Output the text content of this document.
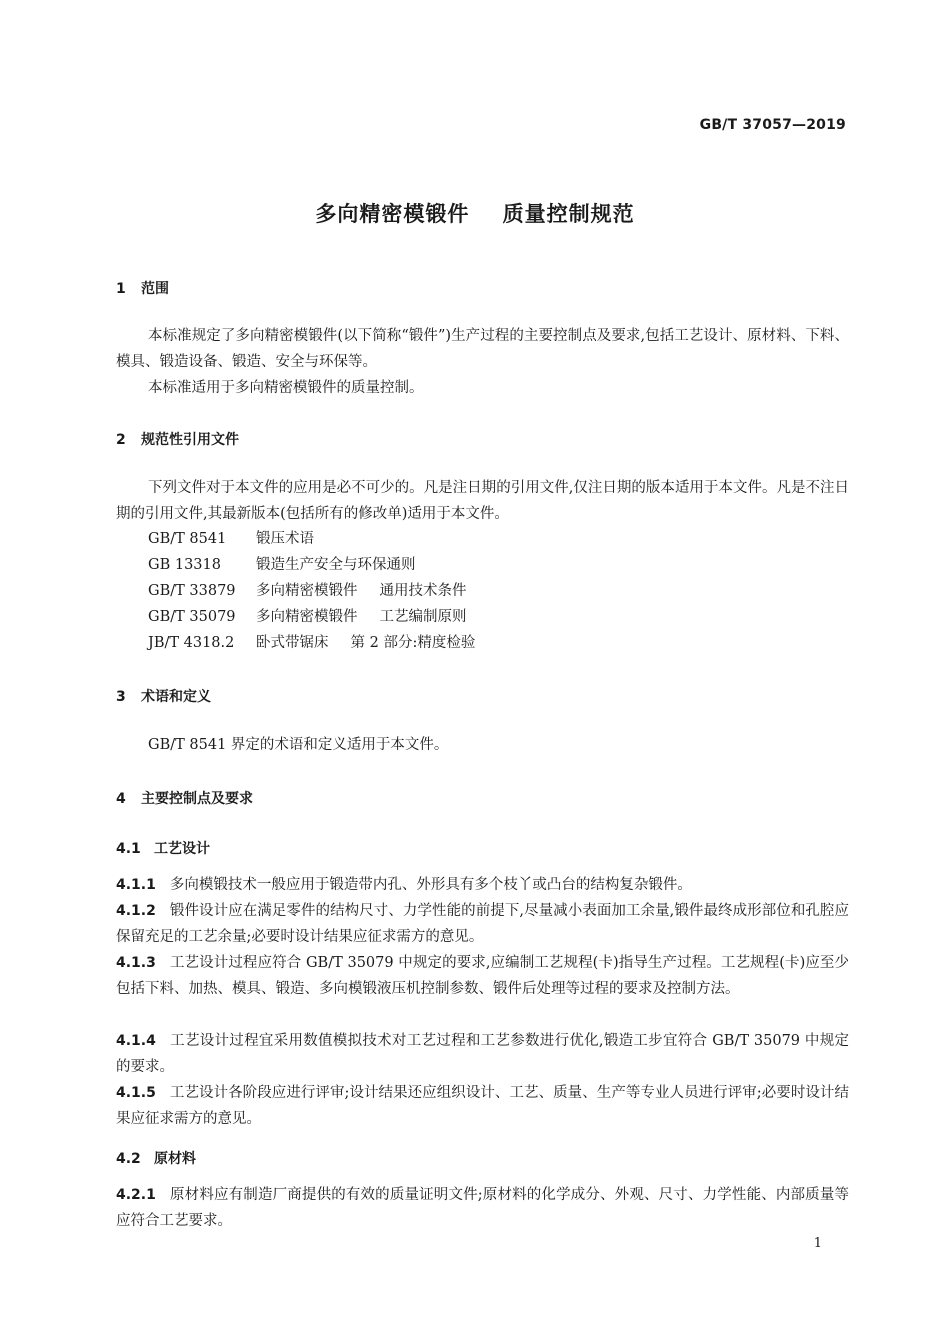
GB/T 37057—2019
多向精密模锻件 质量控制规范
1 范围

本标准规定了多向精密模锻件(以下简称“锻件”)生产过程的主要控制点及要求,包括工艺设计、原材料、下料、模具、锻造设备、锻造、安全与环保等。

本标准适用于多向精密模锻件的质量控制。

2 规范性引用文件

下列文件对于本文件的应用是必不可少的。凡是注日期的引用文件,仅注日期的版本适用于本文件。凡是不注日期的引用文件,其最新版本(包括所有的修改单)适用于本文件。

GB/T 8541 锻压术语
GB 13318 锻造生产安全与环保通则
GB/T 33879 多向精密模锻件 通用技术条件
GB/T 35079 多向精密模锻件 工艺编制原则
JB/T 4318.2 卧式带锯床 第 2 部分:精度检验
3 术语和定义

GB/T 8541 界定的术语和定义适用于本文件。

4 主要控制点及要求
4.1 工艺设计

4.1.1 多向模锻技术一般应用于锻造带内孔、外形具有多个枝丫或凸台的结构复杂锻件。

4.1.2 锻件设计应在满足零件的结构尺寸、力学性能的前提下,尽量减小表面加工余量,锻件最终成形部位和孔腔应保留充足的工艺余量;必要时设计结果应征求需方的意见。

4.1.3 工艺设计过程应符合 GB/T 35079 中规定的要求,应编制工艺规程(卡)指导生产过程。工艺规程(卡)应至少包括下料、加热、模具、锻造、多向模锻液压机控制参数、锻件后处理等过程的要求及控制方法。

4.1.4 工艺设计过程宜采用数值模拟技术对工艺过程和工艺参数进行优化,锻造工步宜符合 GB/T 35079 中规定的要求。

4.1.5 工艺设计各阶段应进行评审;设计结果还应组织设计、工艺、质量、生产等专业人员进行评审;必要时设计结果应征求需方的意见。

4.2 原材料

4.2.1 原材料应有制造厂商提供的有效的质量证明文件;原材料的化学成分、外观、尺寸、力学性能、内部质量等应符合工艺要求。

1
